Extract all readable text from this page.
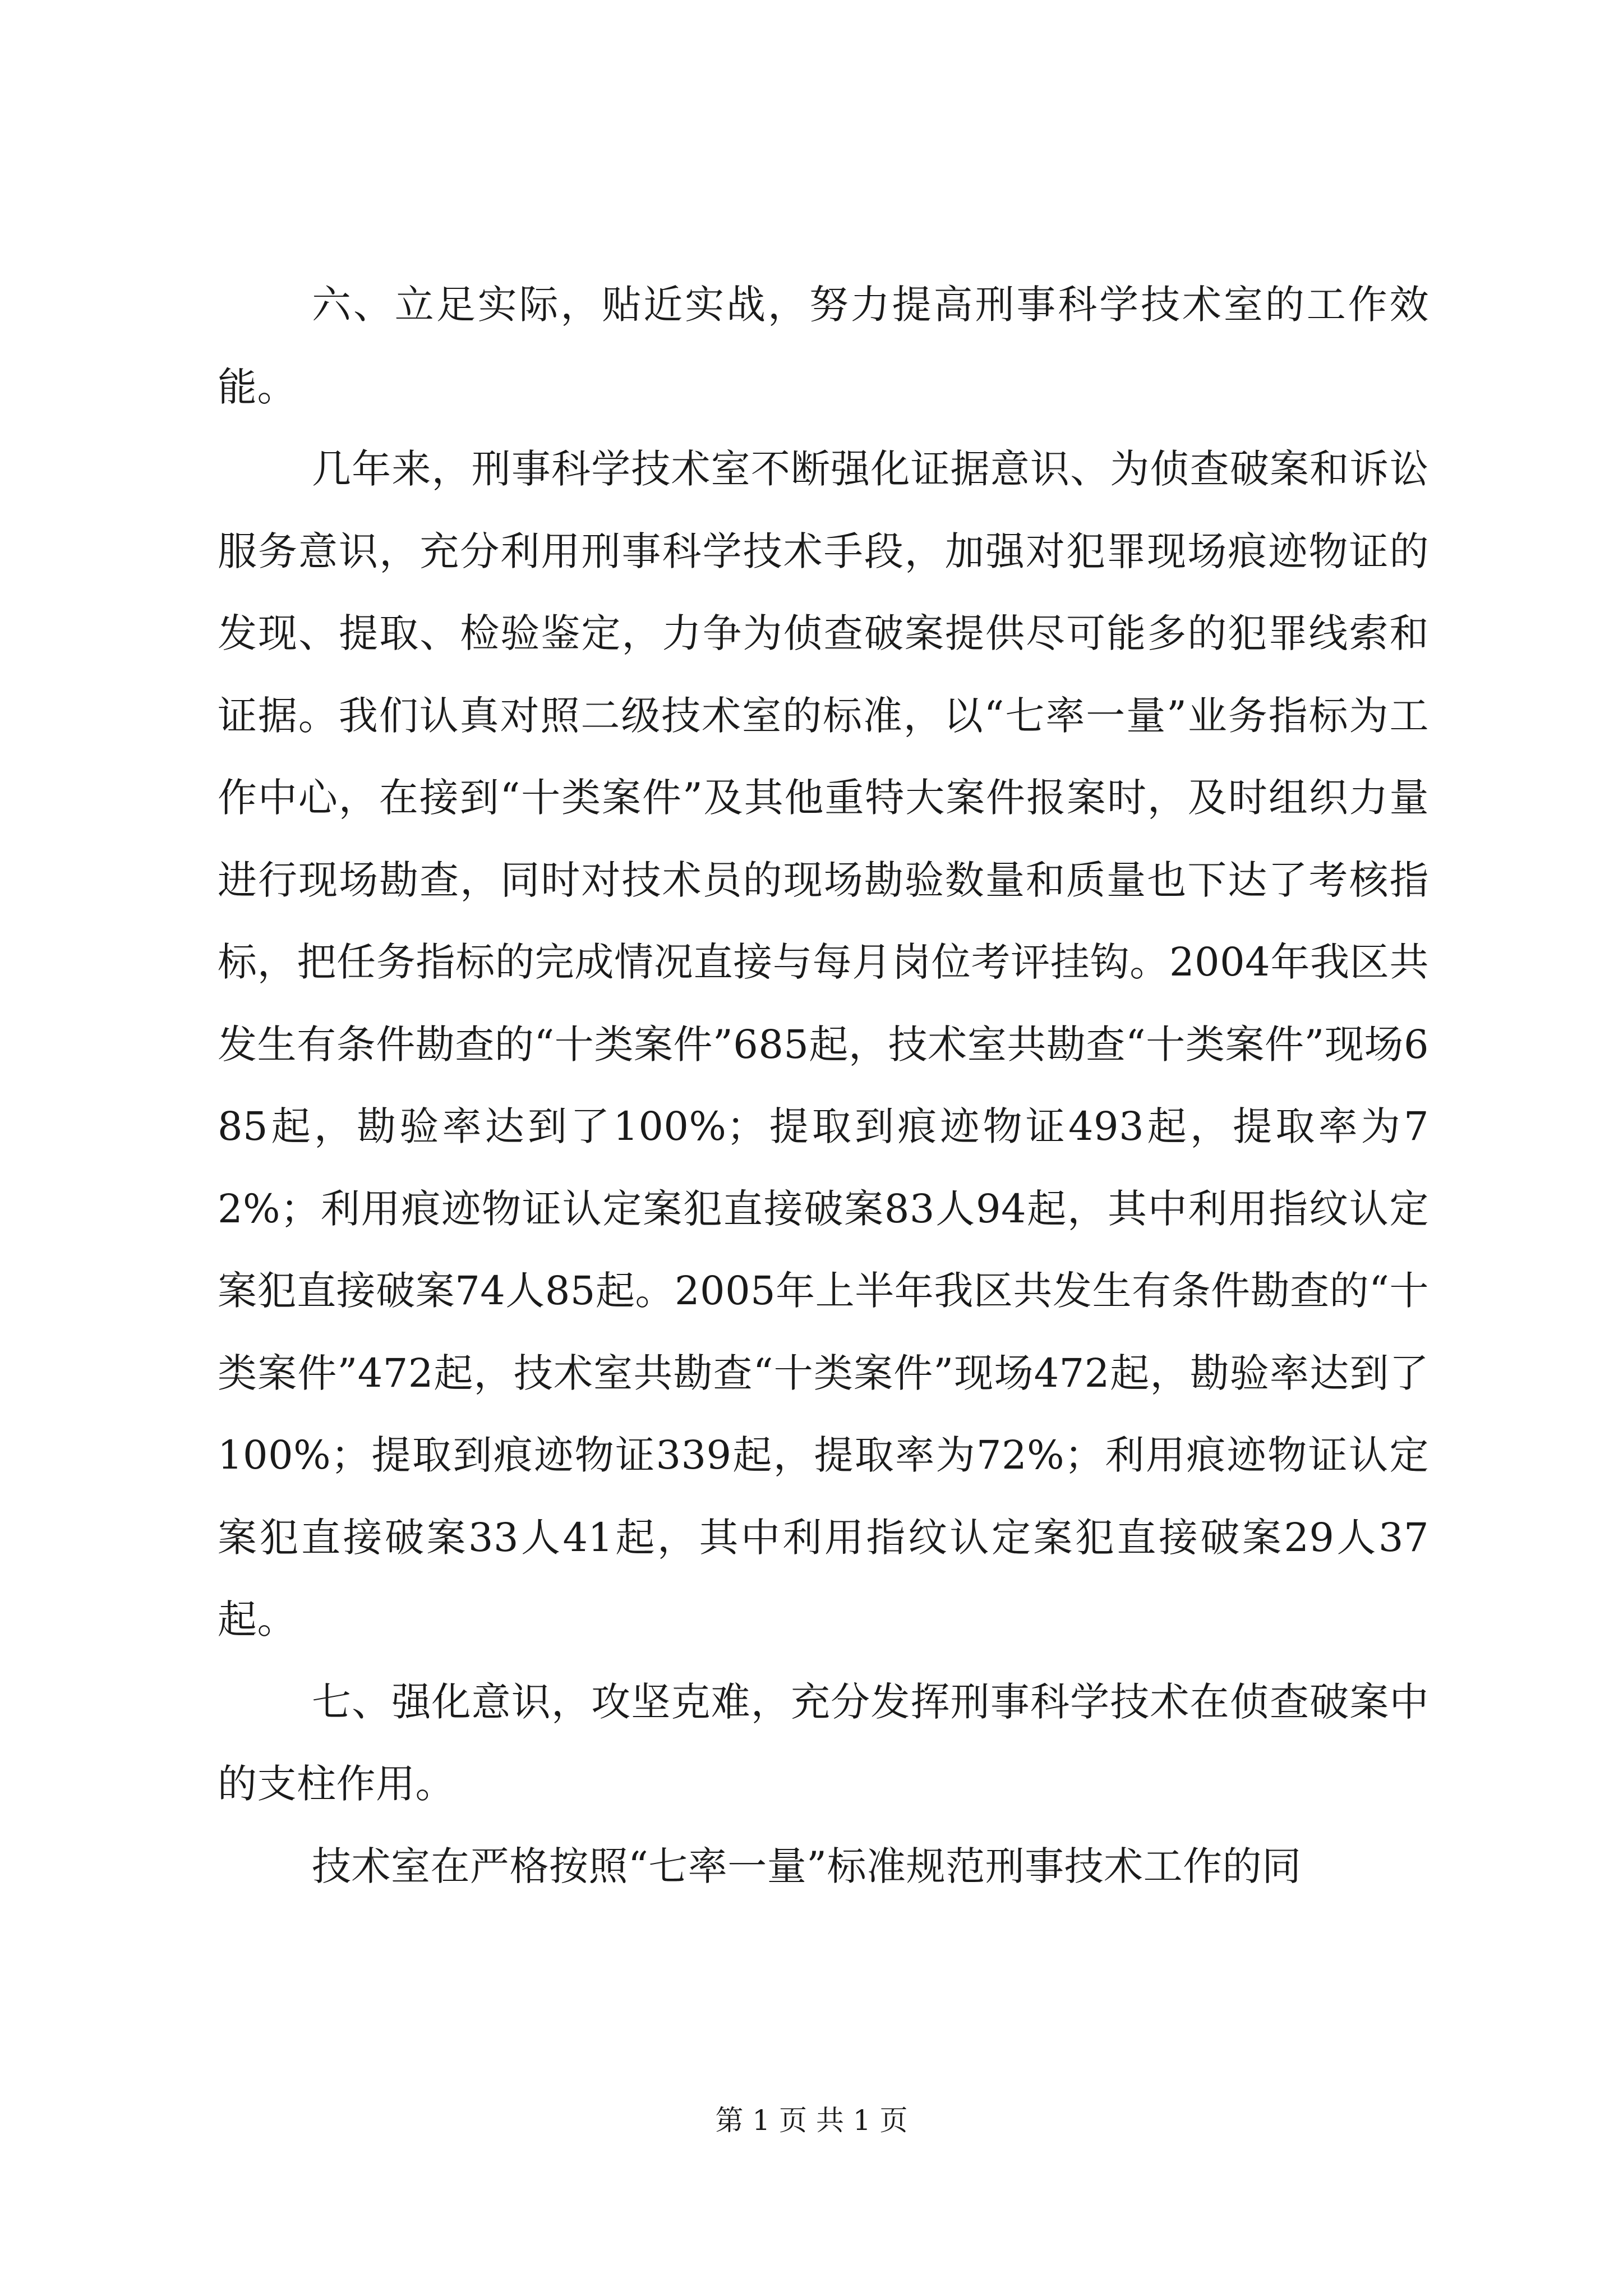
六、立足实际，贴近实战，努力提高刑事科学技术室的工作效能。

几年来，刑事科学技术室不断强化证据意识、为侦查破案和诉讼服务意识，充分利用刑事科学技术手段，加强对犯罪现场痕迹物证的发现、提取、检验鉴定，力争为侦查破案提供尽可能多的犯罪线索和证据。我们认真对照二级技术室的标准，以“七率一量”业务指标为工作中心，在接到“十类案件”及其他重特大案件报案时，及时组织力量进行现场勘查，同时对技术员的现场勘验数量和质量也下达了考核指标，把任务指标的完成情况直接与每月岗位考评挂钩。2004年我区共发生有条件勘查的“十类案件”685起，技术室共勘查“十类案件”现场685起，勘验率达到了100%；提取到痕迹物证493起，提取率为72%；利用痕迹物证认定案犯直接破案83人94起，其中利用指纹认定案犯直接破案74人85起。2005年上半年我区共发生有条件勘查的“十类案件”472起，技术室共勘查“十类案件”现场472起，勘验率达到了100%；提取到痕迹物证339起，提取率为72%；利用痕迹物证认定案犯直接破案33人41起，其中利用指纹认定案犯直接破案29人37起。

七、强化意识，攻坚克难，充分发挥刑事科学技术在侦查破案中的支柱作用。

技术室在严格按照“七率一量”标准规范刑事技术工作的同

第 1 页 共 1 页
